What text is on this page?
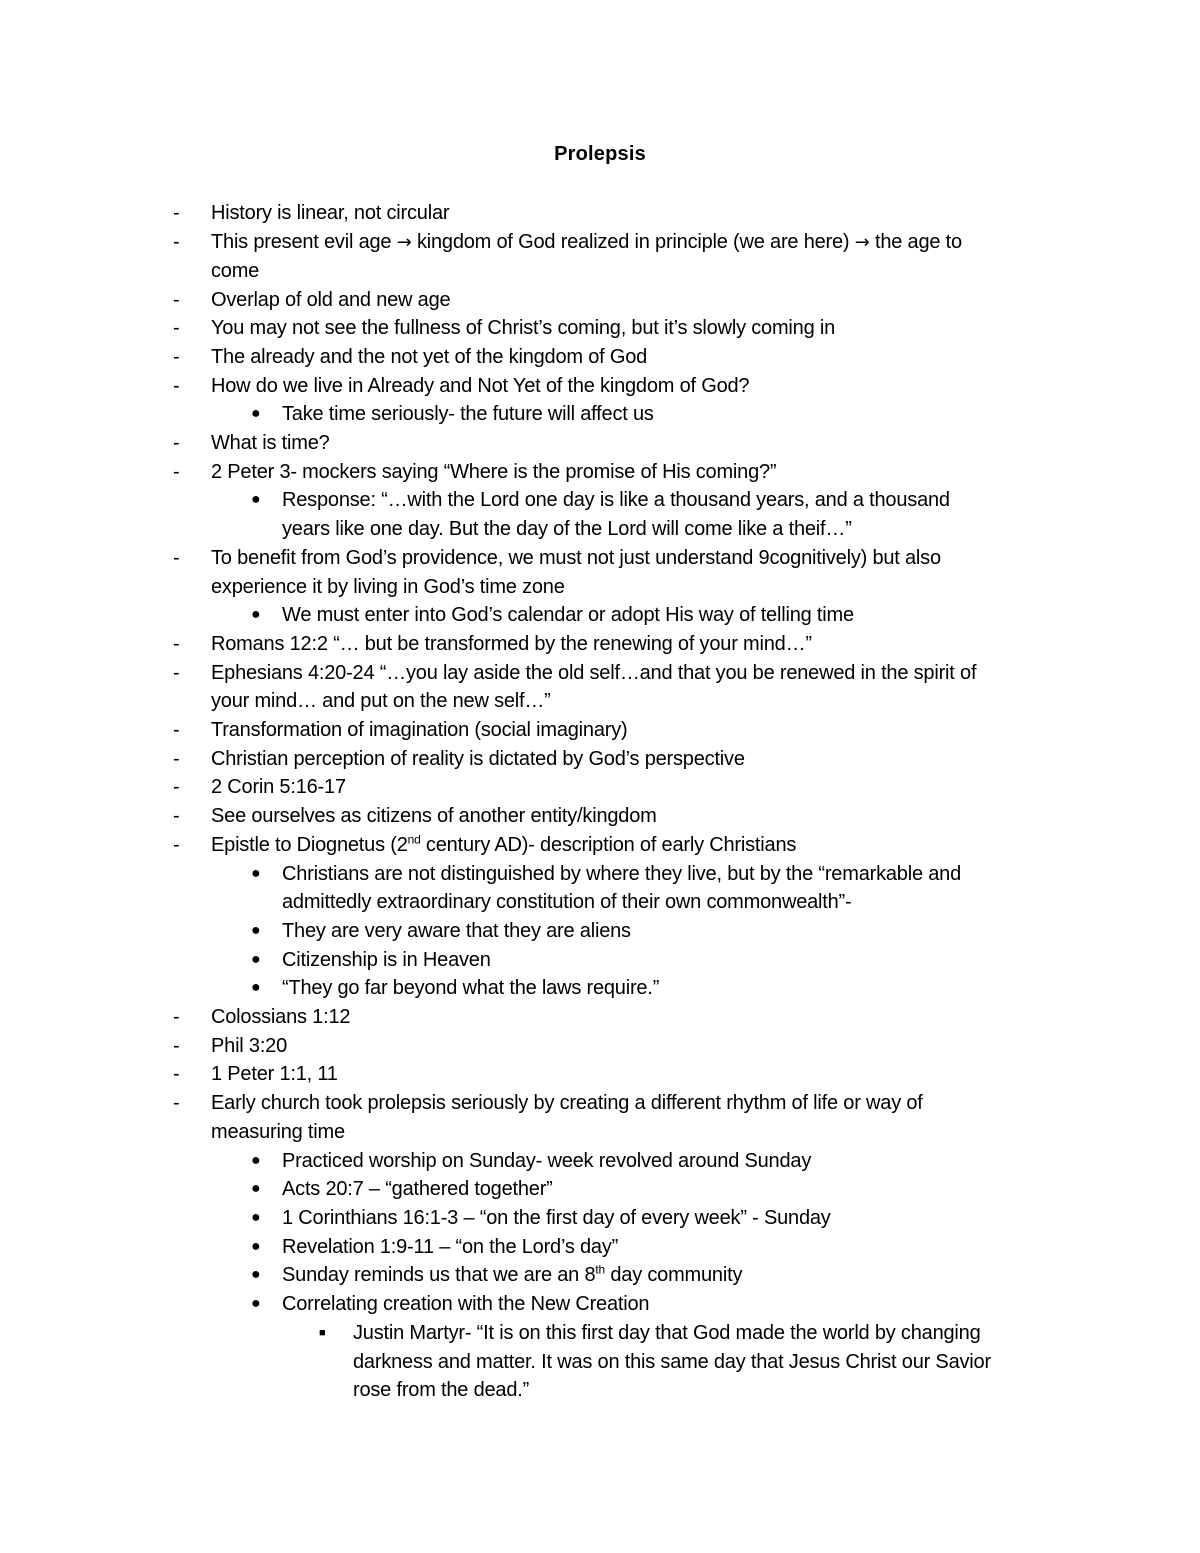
Prolepsis
- History is linear, not circular
- This present evil age → kingdom of God realized in principle (we are here) → the age to
come
- Overlap of old and new age
- You may not see the fullness of Christ’s coming, but it’s slowly coming in
- The already and the not yet of the kingdom of God
- How do we live in Already and Not Yet of the kingdom of God?
● Take time seriously- the future will affect us
- What is time?
- 2 Peter 3- mockers saying “Where is the promise of His coming?”
● Response: “…with the Lord one day is like a thousand years, and a thousand
years like one day. But the day of the Lord will come like a theif…”
- To benefit from God’s providence, we must not just understand 9cognitively) but also
experience it by living in God’s time zone
● We must enter into God’s calendar or adopt His way of telling time
- Romans 12:2 “… but be transformed by the renewing of your mind…”
- Ephesians 4:20-24 “…you lay aside the old self…and that you be renewed in the spirit of
your mind… and put on the new self…”
- Transformation of imagination (social imaginary)
- Christian perception of reality is dictated by God’s perspective
- 2 Corin 5:16-17
- See ourselves as citizens of another entity/kingdom
- Epistle to Diognetus (2nd century AD)- description of early Christians
● Christians are not distinguished by where they live, but by the “remarkable and
admittedly extraordinary constitution of their own commonwealth”-
● They are very aware that they are aliens
● Citizenship is in Heaven
● “They go far beyond what the laws require.”
- Colossians 1:12
- Phil 3:20
- 1 Peter 1:1, 11
- Early church took prolepsis seriously by creating a different rhythm of life or way of
measuring time
● Practiced worship on Sunday- week revolved around Sunday
● Acts 20:7 – “gathered together”
● 1 Corinthians 16:1-3 – “on the first day of every week” - Sunday
● Revelation 1:9-11 – “on the Lord’s day”
● Sunday reminds us that we are an 8th day community
● Correlating creation with the New Creation
■ Justin Martyr- “It is on this first day that God made the world by changing
darkness and matter. It was on this same day that Jesus Christ our Savior
rose from the dead.”
